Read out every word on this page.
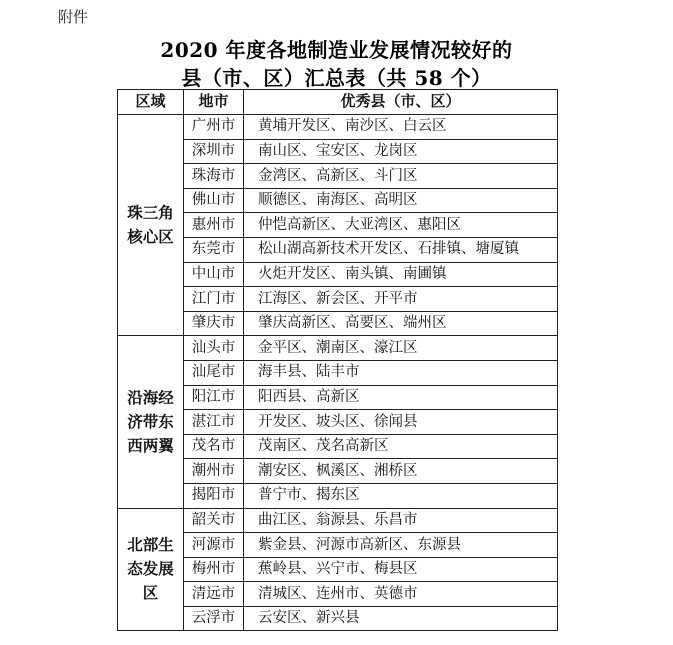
附件
2020 年度各地制造业发展情况较好的
县（市、区）汇总表（共 58 个）
区域	地市	优秀县（市、区）
珠三角核心区	广州市	黄埔开发区、南沙区、白云区
	深圳市	南山区、宝安区、龙岗区
	珠海市	金湾区、高新区、斗门区
	佛山市	顺德区、南海区、高明区
	惠州市	仲恺高新区、大亚湾区、惠阳区
	东莞市	松山湖高新技术开发区、石排镇、塘厦镇
	中山市	火炬开发区、南头镇、南圃镇
	江门市	江海区、新会区、开平市
	肇庆市	肇庆高新区、高要区、端州区
沿海经济带东西两翼	汕头市	金平区、潮南区、濠江区
	汕尾市	海丰县、陆丰市
	阳江市	阳西县、高新区
	湛江市	开发区、坡头区、徐闻县
	茂名市	茂南区、茂名高新区
	潮州市	潮安区、枫溪区、湘桥区
	揭阳市	普宁市、揭东区
北部生态发展区	韶关市	曲江区、翁源县、乐昌市
	河源市	紫金县、河源市高新区、东源县
	梅州市	蕉岭县、兴宁市、梅县区
	清远市	清城区、连州市、英德市
	云浮市	云安区、新兴县
